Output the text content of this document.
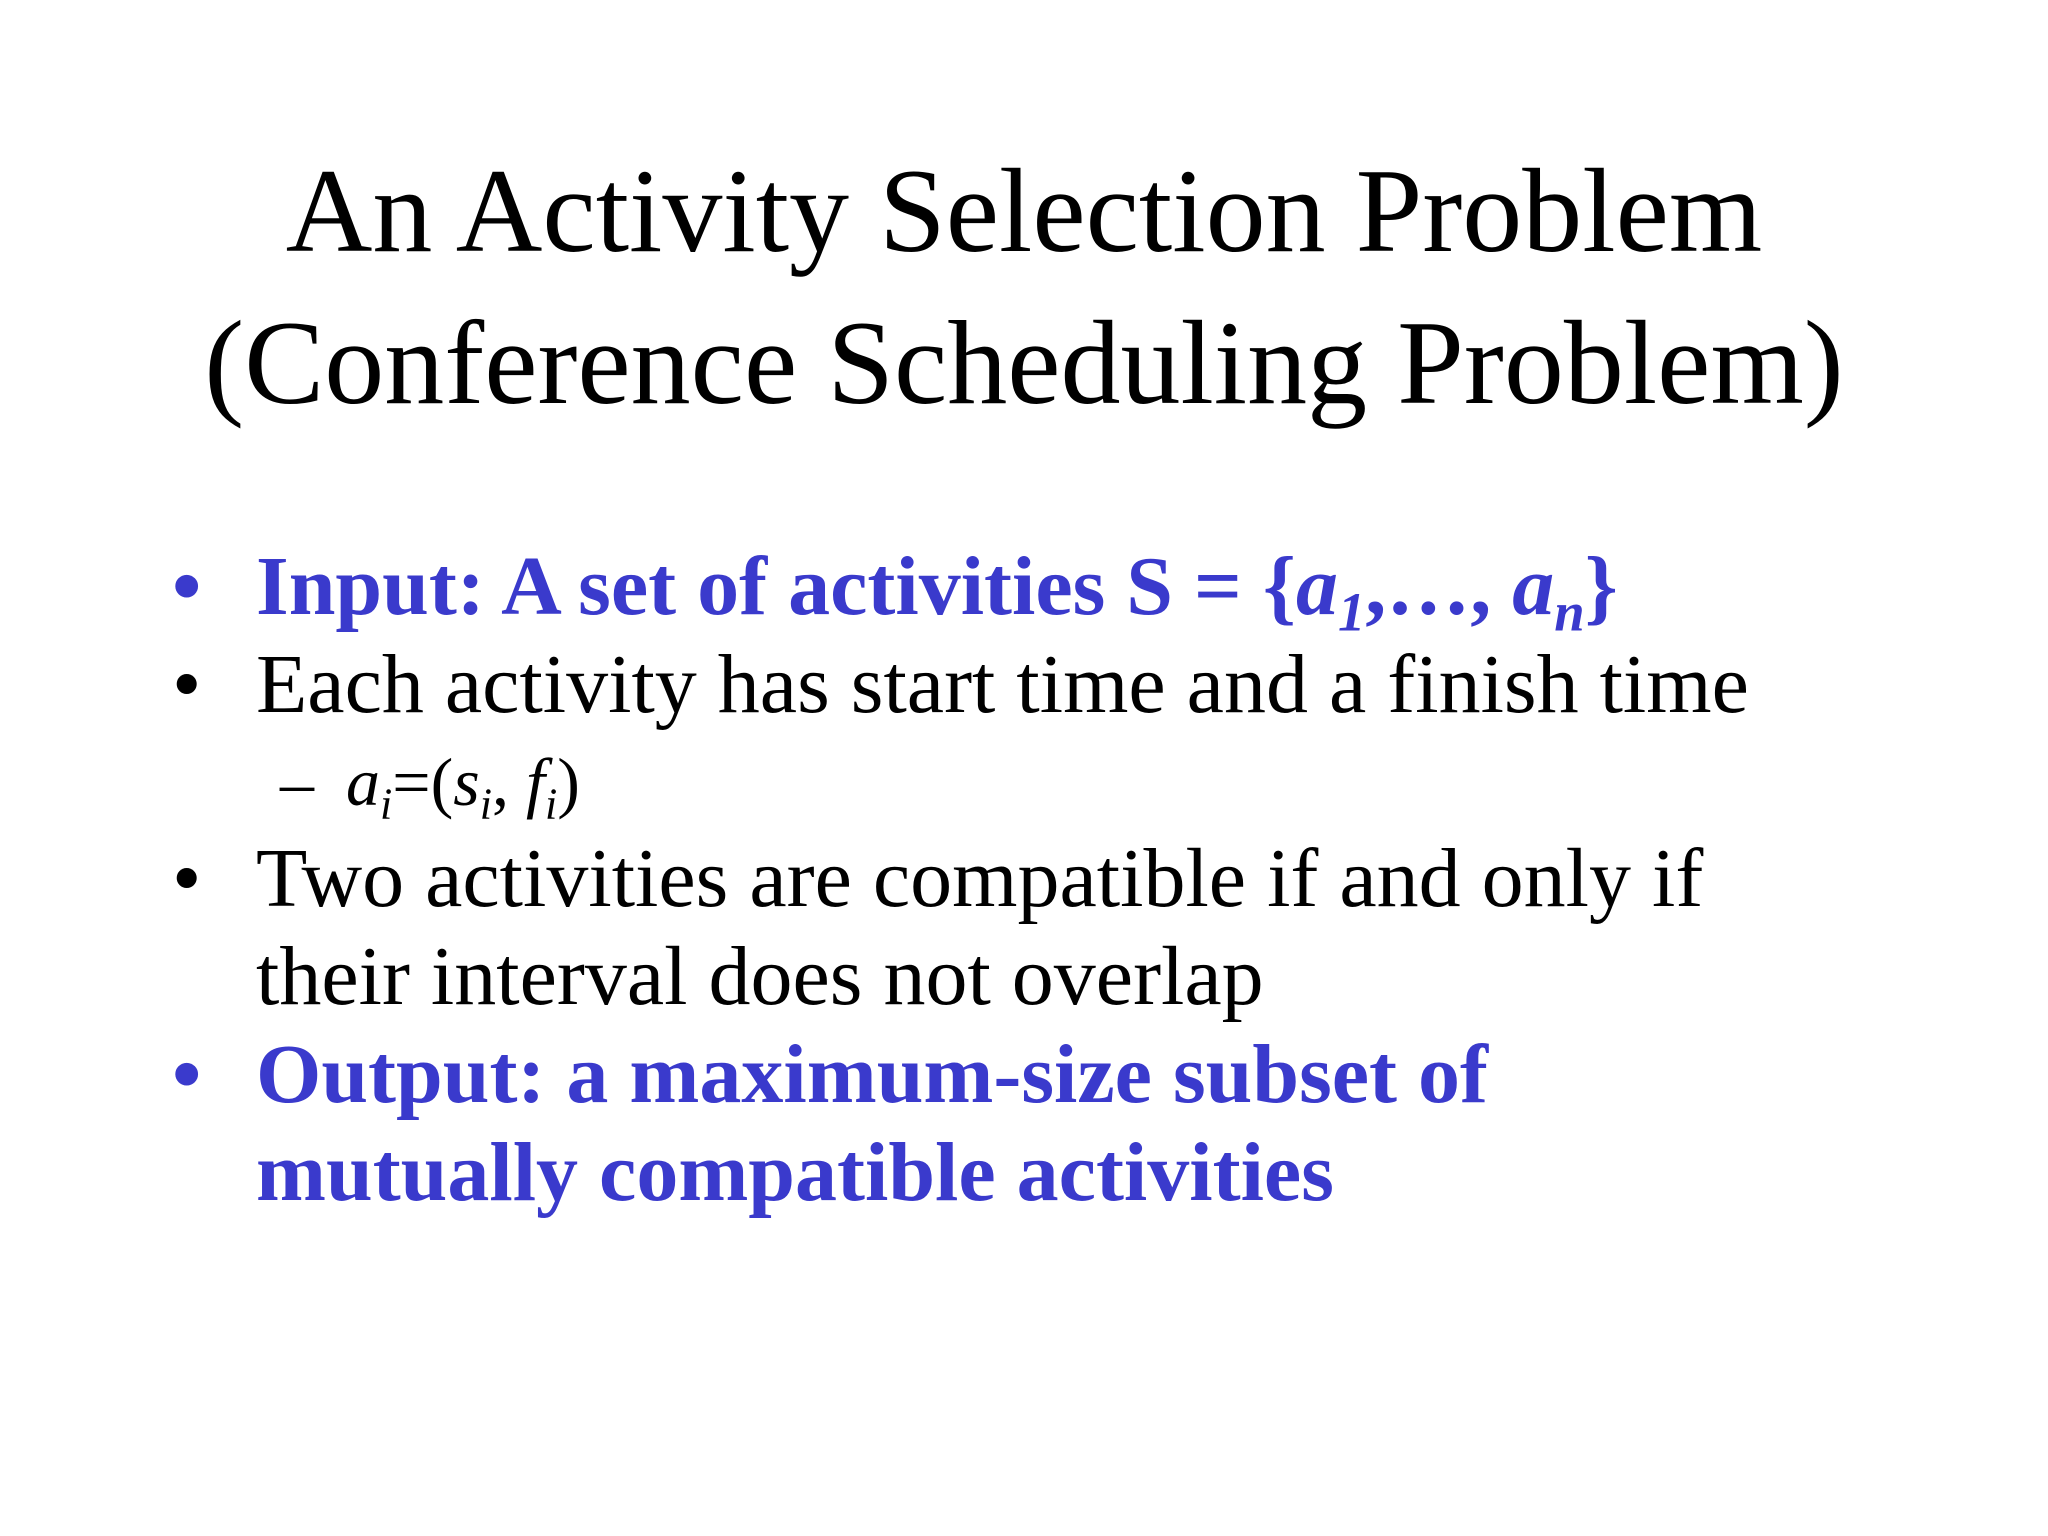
An Activity Selection Problem
(Conference Scheduling Problem)

• Input: A set of activities $S = \{a_1,\dots$, $a_n$}

• Each activity has start time and a finish time

– $a_i=(s_i$, $f_i$)

• Two activities are compatible if and only if
their interval does not overlap

• Output: a maximum-size subset of
mutually compatible activities
